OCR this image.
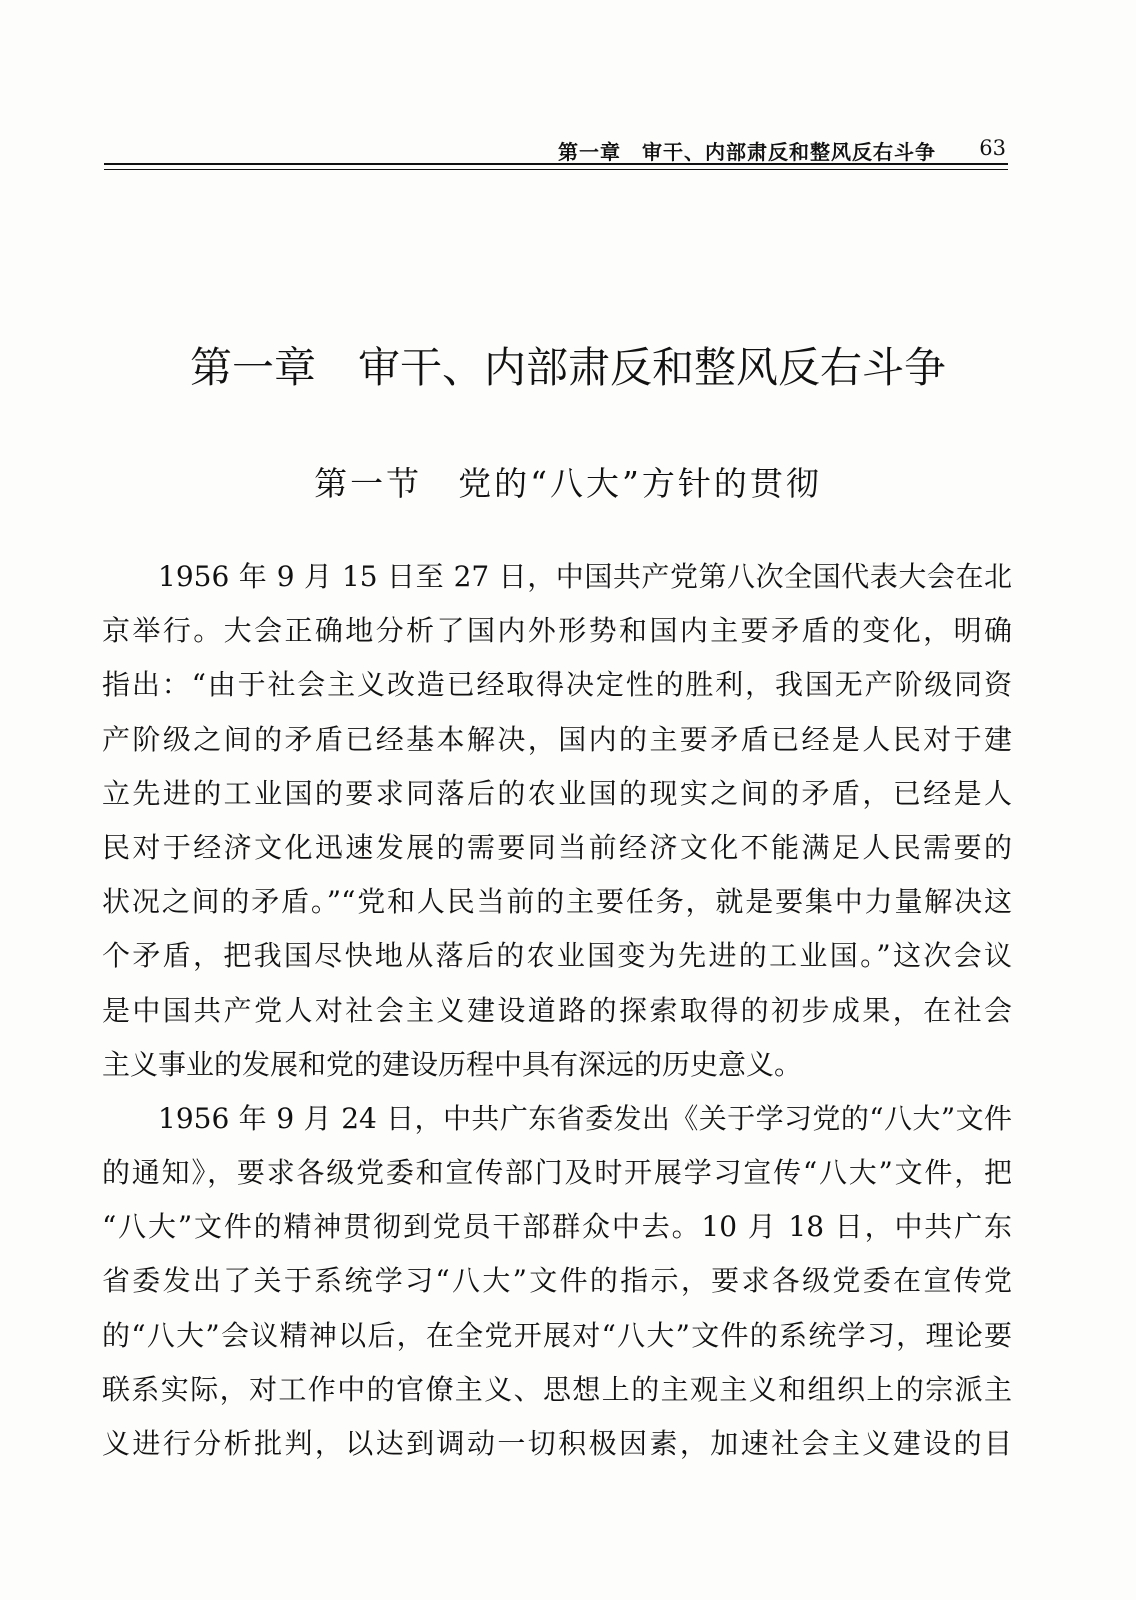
第一章　审干、内部肃反和整风反右斗争 63
第一章　审干、内部肃反和整风反右斗争
第一节　党的“八大”方针的贯彻
1956 年 9 月 15 日至 27 日，中国共产党第八次全国代表大会在北
京举行。大会正确地分析了国内外形势和国内主要矛盾的变化，明确
指出：“由于社会主义改造已经取得决定性的胜利，我国无产阶级同资
产阶级之间的矛盾已经基本解决，国内的主要矛盾已经是人民对于建
立先进的工业国的要求同落后的农业国的现实之间的矛盾，已经是人
民对于经济文化迅速发展的需要同当前经济文化不能满足人民需要的
状况之间的矛盾。”“党和人民当前的主要任务，就是要集中力量解决这
个矛盾，把我国尽快地从落后的农业国变为先进的工业国。”这次会议
是中国共产党人对社会主义建设道路的探索取得的初步成果，在社会
主义事业的发展和党的建设历程中具有深远的历史意义。
1956 年 9 月 24 日，中共广东省委发出《关于学习党的“八大”文件
的通知》，要求各级党委和宣传部门及时开展学习宣传“八大”文件，把
“八大”文件的精神贯彻到党员干部群众中去。10 月 18 日，中共广东
省委发出了关于系统学习“八大”文件的指示，要求各级党委在宣传党
的“八大”会议精神以后，在全党开展对“八大”文件的系统学习，理论要
联系实际，对工作中的官僚主义、思想上的主观主义和组织上的宗派主
义进行分析批判，以达到调动一切积极因素，加速社会主义建设的目
